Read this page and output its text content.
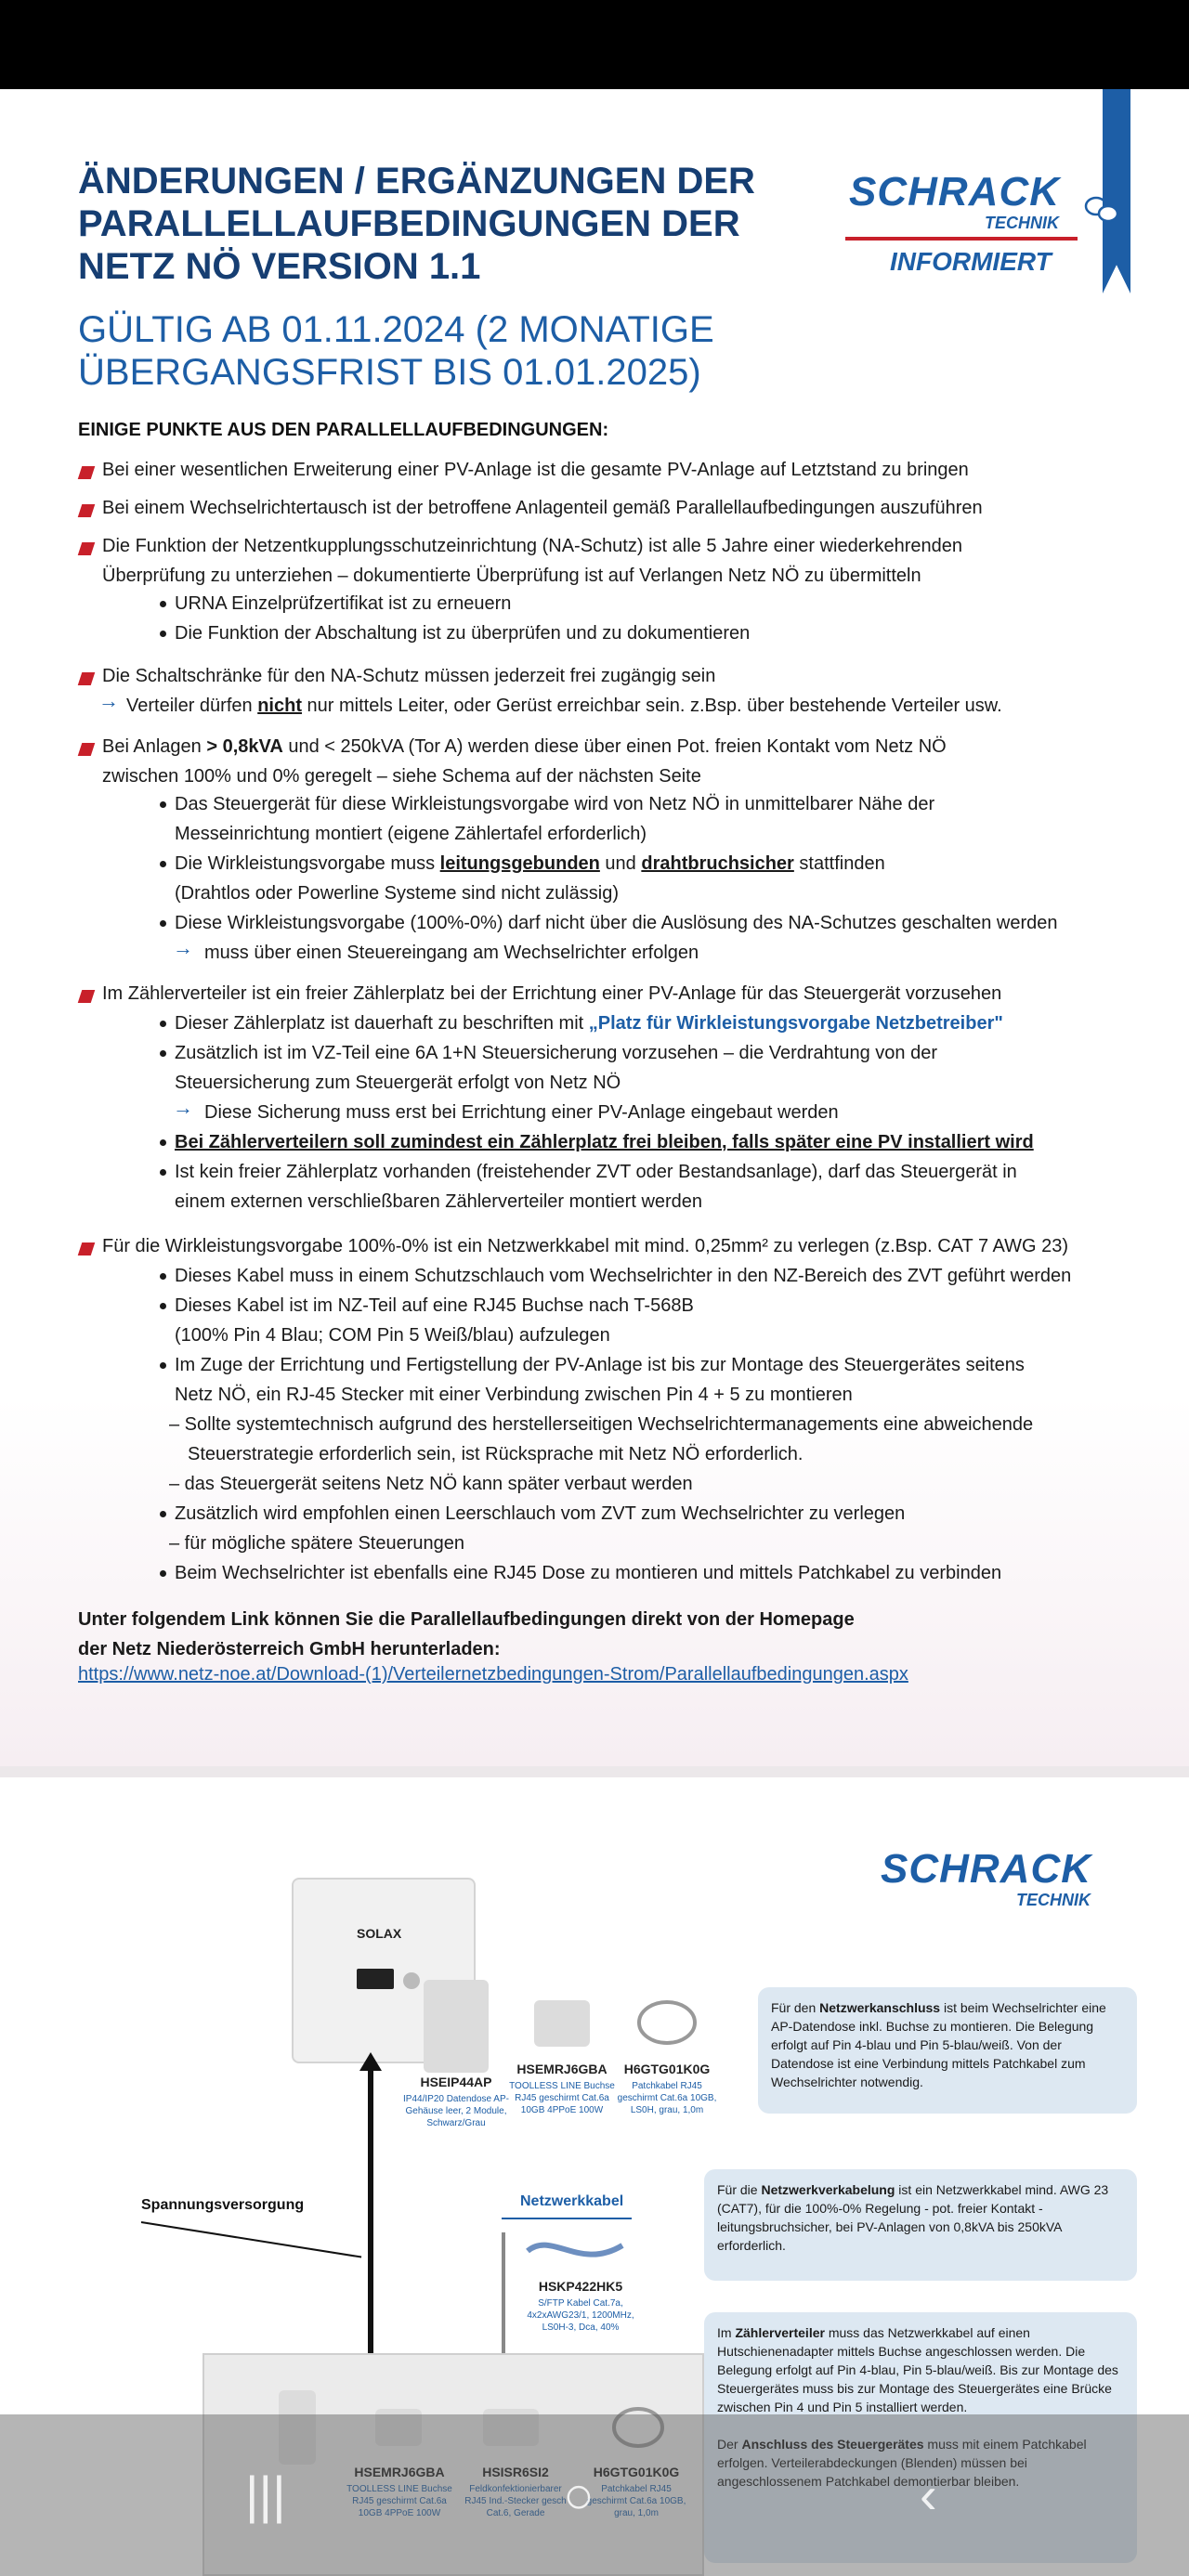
ÄNDERUNGEN / ERGÄNZUNGEN DER
PARALLELLAUFBEDINGUNGEN DER
NETZ NÖ VERSION 1.1
GÜLTIG AB 01.11.2024 (2 MONATIGE
ÜBERGANGSFRIST BIS 01.01.2025)
SCHRACK
TECHNIK
INFORMIERT
EINIGE PUNKTE AUS DEN PARALLELLAUFBEDINGUNGEN:
Bei einer wesentlichen Erweiterung einer PV-Anlage ist die gesamte PV-Anlage auf Letztstand zu bringen
Bei einem Wechselrichtertausch ist der betroffene Anlagenteil gemäß Parallellaufbedingungen auszuführen
Die Funktion der Netzentkupplungsschutzeinrichtung (NA-Schutz) ist alle 5 Jahre einer wiederkehrenden
Überprüfung zu unterziehen – dokumentierte Überprüfung ist auf Verlangen Netz NÖ zu übermitteln
URNA Einzelprüfzertifikat ist zu erneuern
Die Funktion der Abschaltung ist zu überprüfen und zu dokumentieren
Die Schaltschränke für den NA-Schutz müssen jederzeit frei zugängig sein
→ Verteiler dürfen nicht nur mittels Leiter, oder Gerüst erreichbar sein. z.Bsp. über bestehende Verteiler usw.
Bei Anlagen > 0,8kVA und < 250kVA (Tor A) werden diese über einen Pot. freien Kontakt vom Netz NÖ
zwischen 100% und 0% geregelt – siehe Schema auf der nächsten Seite
Das Steuergerät für diese Wirkleistungsvorgabe wird von Netz NÖ in unmittelbarer Nähe der
Messeinrichtung montiert (eigene Zählertafel erforderlich)
Die Wirkleistungsvorgabe muss leitungsgebunden und drahtbruchsicher stattfinden
(Drahtlos oder Powerline Systeme sind nicht zulässig)
Diese Wirkleistungsvorgabe (100%-0%) darf nicht über die Auslösung des NA-Schutzes geschalten werden
→ muss über einen Steuereingang am Wechselrichter erfolgen
Im Zählerverteiler ist ein freier Zählerplatz bei der Errichtung einer PV-Anlage für das Steuergerät vorzusehen
Dieser Zählerplatz ist dauerhaft zu beschriften mit „Platz für Wirkleistungsvorgabe Netzbetreiber"
Zusätzlich ist im VZ-Teil eine 6A 1+N Steuersicherung vorzusehen – die Verdrahtung von der
Steuersicherung zum Steuergerät erfolgt von Netz NÖ
→ Diese Sicherung muss erst bei Errichtung einer PV-Anlage eingebaut werden
Bei Zählerverteilern soll zumindest ein Zählerplatz frei bleiben, falls später eine PV installiert wird
Ist kein freier Zählerplatz vorhanden (freistehender ZVT oder Bestandsanlage), darf das Steuergerät in
einem externen verschließbaren Zählerverteiler montiert werden
Für die Wirkleistungsvorgabe 100%-0% ist ein Netzwerkkabel mit mind. 0,25mm² zu verlegen (z.Bsp. CAT 7 AWG 23)
Dieses Kabel muss in einem Schutzschlauch vom Wechselrichter in den NZ-Bereich des ZVT geführt werden
Dieses Kabel ist im NZ-Teil auf eine RJ45 Buchse nach T-568B
(100% Pin 4 Blau; COM Pin 5 Weiß/blau) aufzulegen
Im Zuge der Errichtung und Fertigstellung der PV-Anlage ist bis zur Montage des Steuergerätes seitens
Netz NÖ, ein RJ-45 Stecker mit einer Verbindung zwischen Pin 4 + 5 zu montieren
– Sollte systemtechnisch aufgrund des herstellerseitigen Wechselrichtermanagements eine abweichende
Steuerstrategie erforderlich sein, ist Rücksprache mit Netz NÖ erforderlich.
– das Steuergerät seitens Netz NÖ kann später verbaut werden
Zusätzlich wird empfohlen einen Leerschlauch vom ZVT zum Wechselrichter zu verlegen
– für mögliche spätere Steuerungen
Beim Wechselrichter ist ebenfalls eine RJ45 Dose zu montieren und mittels Patchkabel zu verbinden
Unter folgendem Link können Sie die Parallellaufbedingungen direkt von der Homepage
der Netz Niederösterreich GmbH herunterladen:
https://www.netz-noe.at/Download-(1)/Verteilernetzbedingungen-Strom/Parallellaufbedingungen.aspx
SCHRACK
TECHNIK
SOLAX
Spannungsversorgung	Netzwerkkabel
HSEIP44AP
IP44/IP20 Datendose AP-Gehäuse leer, 2 Module, Schwarz/Grau
HSEMRJ6GBA
TOOLLESS LINE Buchse RJ45 geschirmt Cat.6a 10GB 4PPoE 100W
H6GTG01K0G
Patchkabel RJ45 geschirmt Cat.6a 10GB, LS0H, grau, 1,0m
HSKP422HK5
S/FTP Kabel Cat.7a, 4x2xAWG23/1, 1200MHz, LS0H-3, Dca, 40%
HSEMRJ6GBA
TOOLLESS LINE Buchse RJ45 geschirmt Cat.6a 10GB 4PPoE 100W
HSISR6SI2
Feldkonfektionierbarer RJ45 Ind.-Stecker gesch Cat.6, Gerade
H6GTG01K0G
Patchkabel RJ45 geschirmt Cat.6a 10GB, grau, 1,0m
Für den Netzwerkanschluss ist beim Wechselrichter eine AP-Datendose inkl. Buchse zu montieren. Die Belegung erfolgt auf Pin 4-blau und Pin 5-blau/weiß. Von der Datendose ist eine Verbindung mittels Patchkabel zum Wechselrichter notwendig.
Für die Netzwerkverkabelung ist ein Netzwerkkabel mind. AWG 23 (CAT7), für die 100%-0% Regelung - pot. freier Kontakt - leitungsbruchsicher, bei PV-Anlagen von 0,8kVA bis 250kVA erforderlich.
Im Zählerverteiler muss das Netzwerkkabel auf einen Hutschienenadapter mittels Buchse angeschlossen werden. Die Belegung erfolgt auf Pin 4-blau, Pin 5-blau/weiß. Bis zur Montage des Steuergerätes muss bis zur Montage des Steuergerätes eine Brücke zwischen Pin 4 und Pin 5 installiert werden.

Der Anschluss des Steuergerätes muss mit einem Patchkabel erfolgen. Verteilerabdeckungen (Blenden) müssen bei angeschlossenem Patchkabel demontierbar bleiben.
|||	○	‹
